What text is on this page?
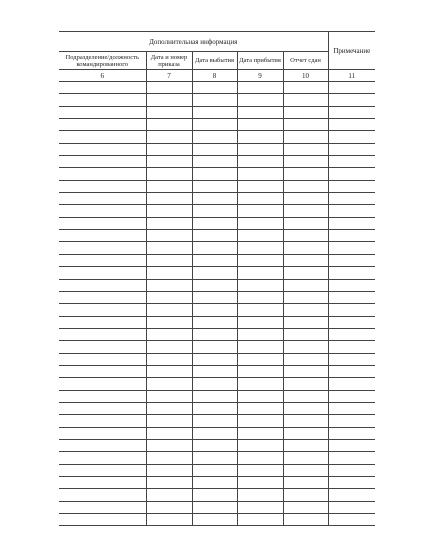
Дополнительная информация					Примечание
Подразделение/должность командированного	Дата и номер приказа	Дата выбытия	Дата прибытия	Отчет сдан	
6	7	8	9	10	11
